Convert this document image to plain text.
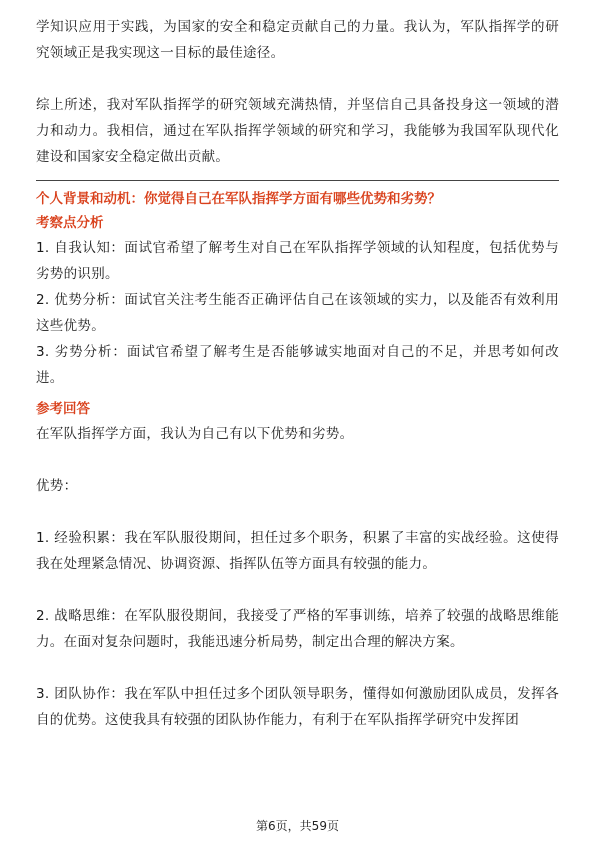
学知识应用于实践，为国家的安全和稳定贡献自己的力量。我认为，军队指挥学的研究领域正是我实现这一目标的最佳途径。

综上所述，我对军队指挥学的研究领域充满热情，并坚信自己具备投身这一领域的潜力和动力。我相信，通过在军队指挥学领域的研究和学习，我能够为我国军队现代化建设和国家安全稳定做出贡献。

个人背景和动机：你觉得自己在军队指挥学方面有哪些优势和劣势？
考察点分析

1. 自我认知：面试官希望了解考生对自己在军队指挥学领域的认知程度，包括优势与劣势的识别。

2. 优势分析：面试官关注考生能否正确评估自己在该领域的实力，以及能否有效利用这些优势。

3. 劣势分析：面试官希望了解考生是否能够诚实地面对自己的不足，并思考如何改进。

参考回答

在军队指挥学方面，我认为自己有以下优势和劣势。

优势：

1. 经验积累：我在军队服役期间，担任过多个职务，积累了丰富的实战经验。这使得我在处理紧急情况、协调资源、指挥队伍等方面具有较强的能力。

2. 战略思维：在军队服役期间，我接受了严格的军事训练，培养了较强的战略思维能力。在面对复杂问题时，我能迅速分析局势，制定出合理的解决方案。

3. 团队协作：我在军队中担任过多个团队领导职务，懂得如何激励团队成员，发挥各自的优势。这使我具有较强的团队协作能力，有利于在军队指挥学研究中发挥团

第6页，共59页
